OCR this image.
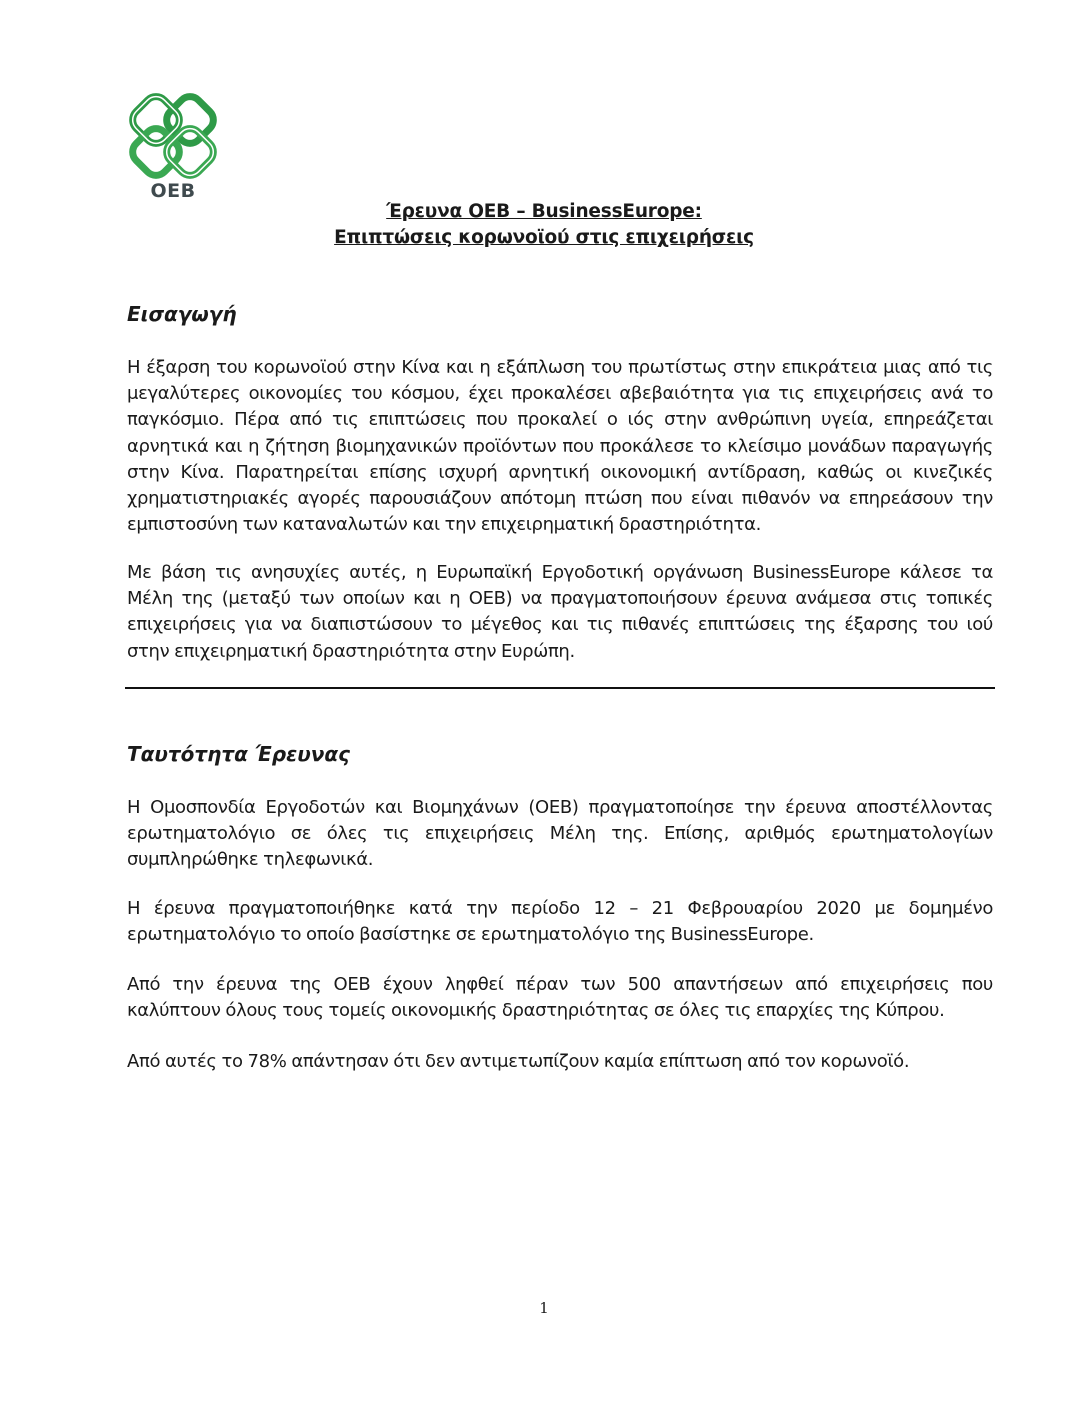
OEB
Έρευνα ΟΕΒ – BusinessEurope:
Επιπτώσεις κορωνοϊού στις επιχειρήσεις
Εισαγωγή
Η έξαρση του κορωνοϊού στην Κίνα και η εξάπλωση του πρωτίστως στην επικράτεια μιας από τις μεγαλύτερες οικονομίες του κόσμου, έχει προκαλέσει αβεβαιότητα για τις επιχειρήσεις ανά το παγκόσμιο. Πέρα από τις επιπτώσεις που προκαλεί ο ιός στην ανθρώπινη υγεία, επηρεάζεται αρνητικά και η ζήτηση βιομηχανικών προϊόντων που προκάλεσε το κλείσιμο μονάδων παραγωγής στην Κίνα. Παρατηρείται επίσης ισχυρή αρνητική οικονομική αντίδραση, καθώς οι κινεζικές χρηματιστηριακές αγορές παρουσιάζουν απότομη πτώση που είναι πιθανόν να επηρεάσουν την εμπιστοσύνη των καταναλωτών και την επιχειρηματική δραστηριότητα.
Με βάση τις ανησυχίες αυτές, η Ευρωπαϊκή Εργοδοτική οργάνωση BusinessEurope κάλεσε τα Μέλη της (μεταξύ των οποίων και η ΟΕΒ) να πραγματοποιήσουν έρευνα ανάμεσα στις τοπικές επιχειρήσεις για να διαπιστώσουν το μέγεθος και τις πιθανές επιπτώσεις της έξαρσης του ιού στην επιχειρηματική δραστηριότητα στην Ευρώπη.
Ταυτότητα Έρευνας
Η Ομοσπονδία Εργοδοτών και Βιομηχάνων (ΟΕΒ) πραγματοποίησε την έρευνα αποστέλλοντας ερωτηματολόγιο σε όλες τις επιχειρήσεις Μέλη της. Επίσης, αριθμός ερωτηματολογίων συμπληρώθηκε τηλεφωνικά.
Η έρευνα πραγματοποιήθηκε κατά την περίοδο 12 – 21 Φεβρουαρίου 2020 με δομημένο ερωτηματολόγιο το οποίο βασίστηκε σε ερωτηματολόγιο της BusinessEurope.
Από την έρευνα της ΟΕΒ έχουν ληφθεί πέραν των 500 απαντήσεων από επιχειρήσεις που καλύπτουν όλους τους τομείς οικονομικής δραστηριότητας σε όλες τις επαρχίες της Κύπρου.
Από αυτές το 78% απάντησαν ότι δεν αντιμετωπίζουν καμία επίπτωση από τον κορωνοϊό.
1
